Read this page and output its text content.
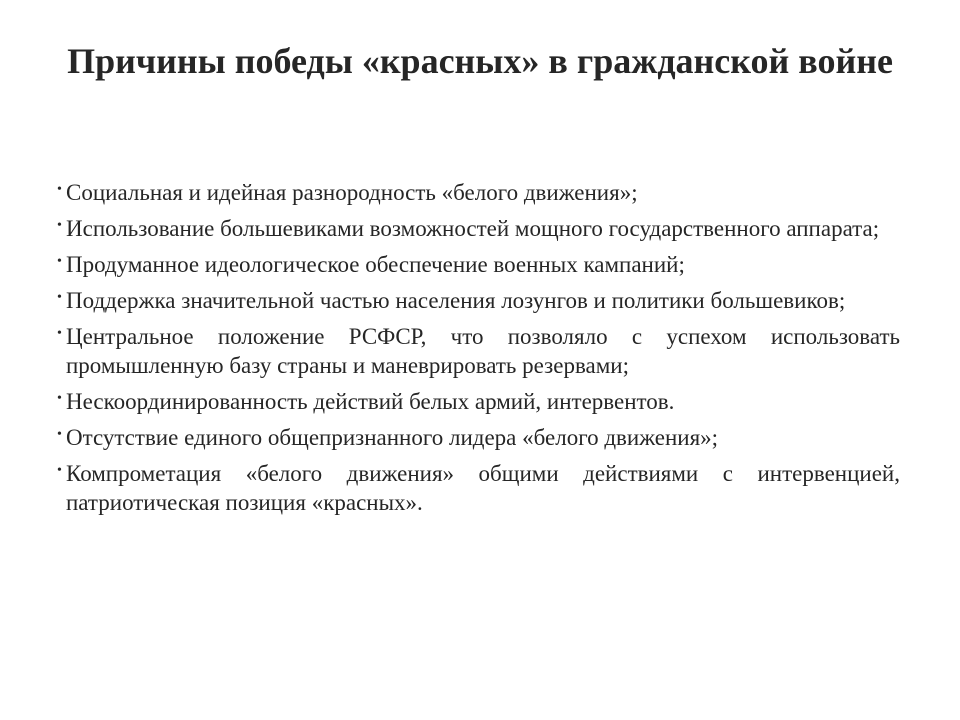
Причины победы «красных» в гражданской войне
• Социальная и идейная разнородность «белого движения»;
• Использование большевиками возможностей мощного государственного аппарата;
• Продуманное идеологическое обеспечение военных кампаний;
• Поддержка значительной частью населения лозунгов и политики большевиков;
• Центральное положение РСФСР, что позволяло с успехом использовать промышленную базу страны и маневрировать резервами;
• Нескоординированность действий белых армий, интервентов.
• Отсутствие единого общепризнанного лидера «белого движения»;
• Компрометация «белого движения» общими действиями с интервенцией, патриотическая позиция «красных».
